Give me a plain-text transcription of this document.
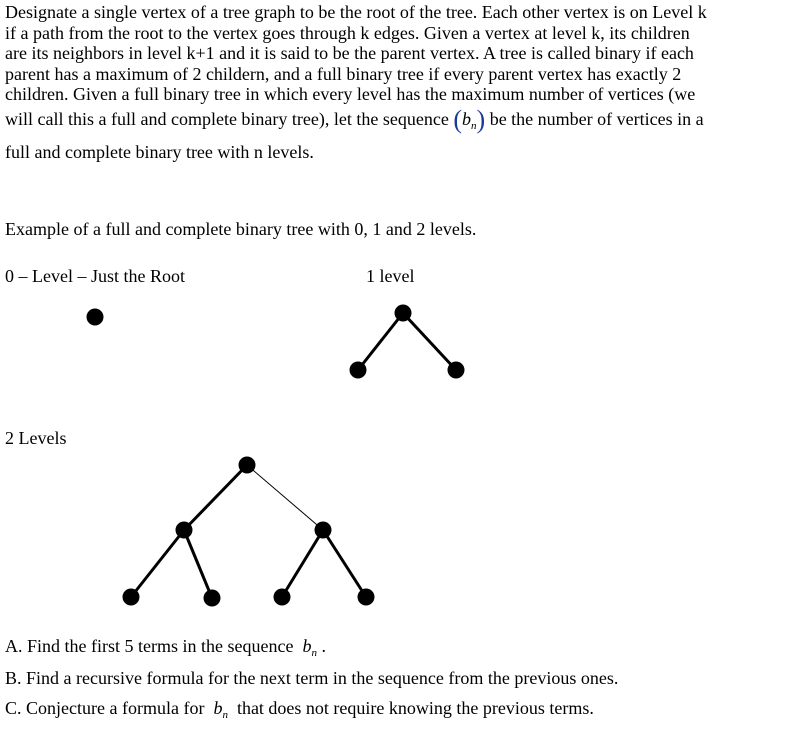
Designate a single vertex of a tree graph to be the root of the tree. Each other vertex is on Level k
if a path from the root to the vertex goes through k edges. Given a vertex at level k, its children
are its neighbors in level k+1 and it is said to be the parent vertex. A tree is called binary if each
parent has a maximum of 2 childern, and a full binary tree if every parent vertex has exactly 2
children. Given a full binary tree in which every level has the maximum number of vertices (we
will call this a full and complete binary tree), let the sequence $(b_n)$ be the number of vertices in a
full and complete binary tree with n levels.

Example of a full and complete binary tree with 0, 1 and 2 levels.

0 – Level – Just the Root	1 level

2 Levels

A. Find the first 5 terms in the sequence $b_n$ .

B. Find a recursive formula for the next term in the sequence from the previous ones.

C. Conjecture a formula for $b_n$ that does not require knowing the previous terms.
